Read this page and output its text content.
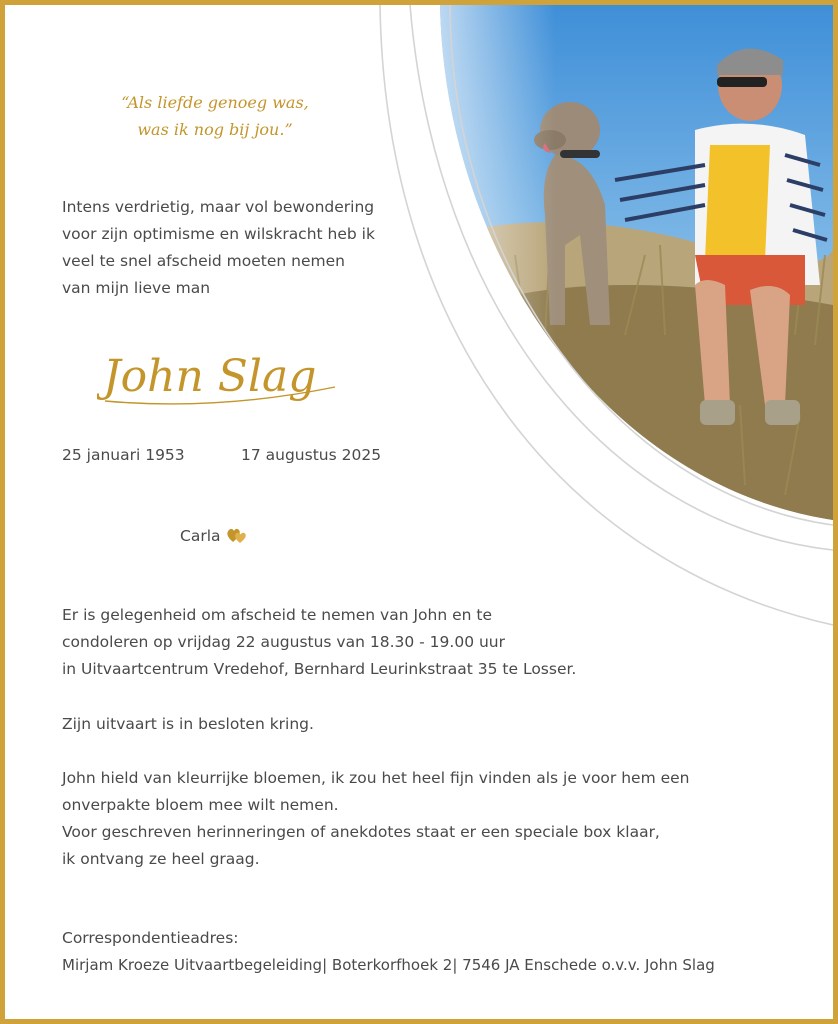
“Als liefde genoeg was,
was ik nog bij jou.”
Intens verdrietig, maar vol bewondering
voor zijn optimisme en wilskracht heb ik
veel te snel afscheid moeten nemen
van mijn lieve man
John Slag
25 januari 1953	17 augustus 2025
Carla
Er is gelegenheid om afscheid te nemen van John en te
condoleren op vrijdag 22 augustus van 18.30 - 19.00 uur
in Uitvaartcentrum Vredehof, Bernhard Leurinkstraat 35 te Losser.
Zijn uitvaart is in besloten kring.
John hield van kleurrijke bloemen, ik zou het heel fijn vinden als je voor hem een
onverpakte bloem mee wilt nemen.
Voor geschreven herinneringen of anekdotes staat er een speciale box klaar,
ik ontvang ze heel graag.
Correspondentieadres:
Mirjam Kroeze Uitvaartbegeleiding| Boterkorfhoek 2| 7546 JA Enschede o.v.v. John Slag
